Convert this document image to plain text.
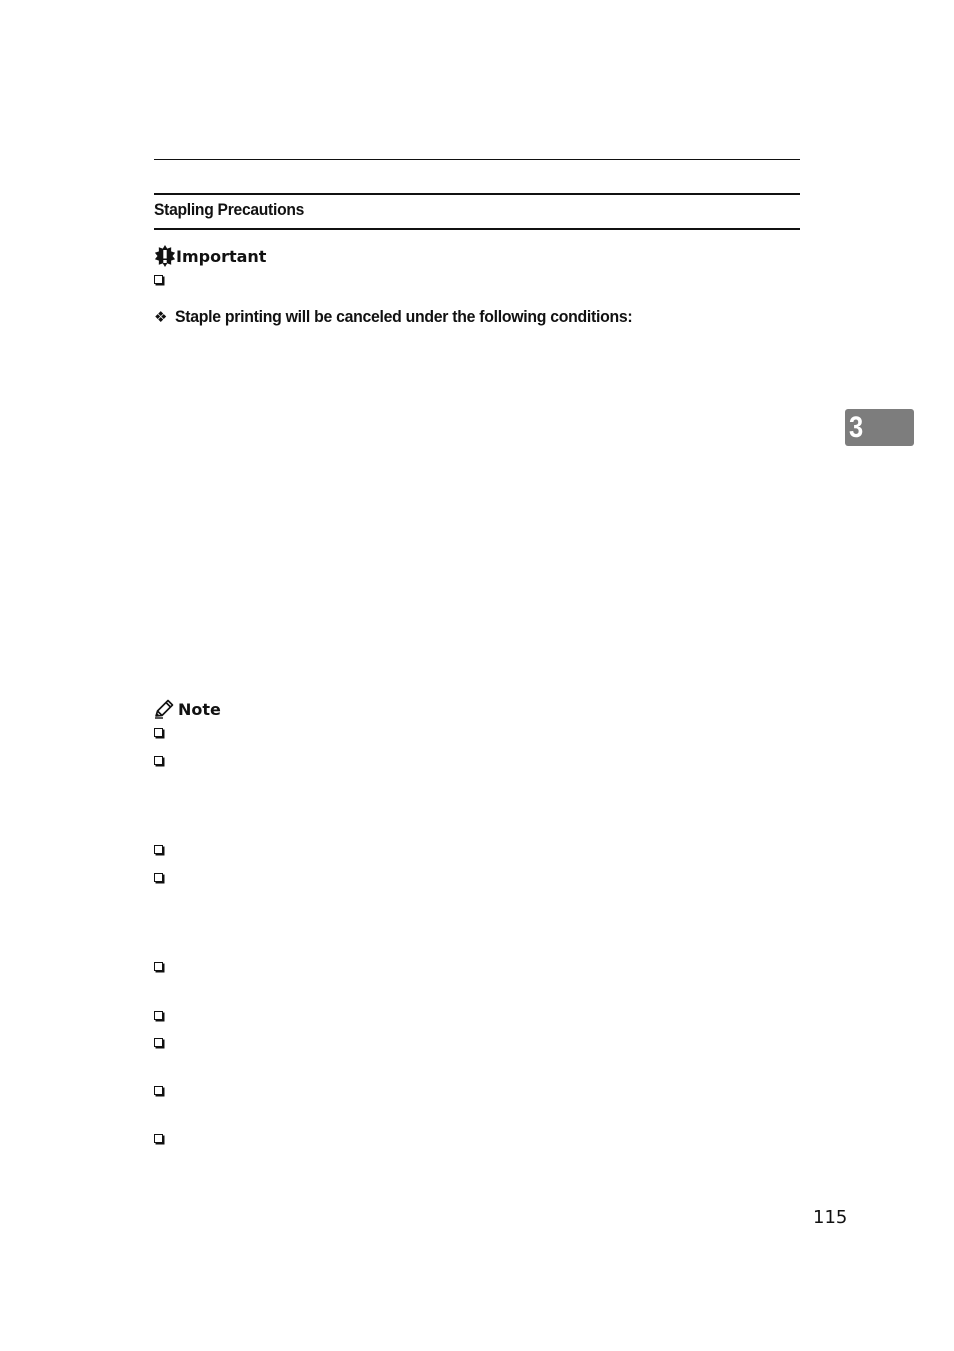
Stapling Precautions
Important
❖ Staple printing will be canceled under the following conditions:
3
Note
115
